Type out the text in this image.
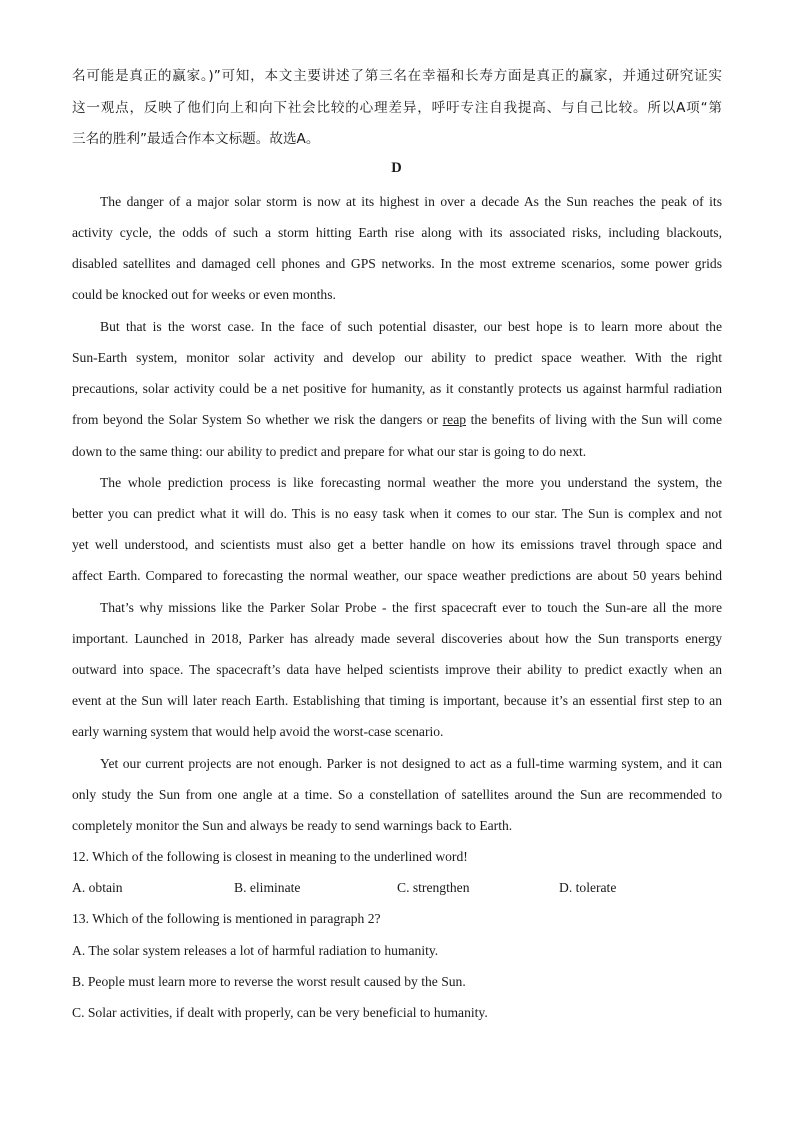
名可能是真正的赢家。)”可知，本文主要讲述了第三名在幸福和长寿方面是真正的赢家，并通过研究证实
这一观点，反映了他们向上和向下社会比较的心理差异，呼吁专注自我提高、与自己比较。所以A项“第
三名的胜利”最适合作本文标题。故选A。
D
The danger of a major solar storm is now at its highest in over a decade As the Sun reaches the peak of its
activity cycle, the odds of such a storm hitting Earth rise along with its associated risks, including blackouts,
disabled satellites and damaged cell phones and GPS networks. In the most extreme scenarios, some power grids
could be knocked out for weeks or even months.
But that is the worst case. In the face of such potential disaster, our best hope is to learn more about the
Sun-Earth system, monitor solar activity and develop our ability to predict space weather. With the right
precautions, solar activity could be a net positive for humanity, as it constantly protects us against harmful radiation
from beyond the Solar System So whether we risk the dangers or reap the benefits of living with the Sun will come
down to the same thing: our ability to predict and prepare for what our star is going to do next.
The whole prediction process is like forecasting normal weather the more you understand the system, the
better you can predict what it will do. This is no easy task when it comes to our star. The Sun is complex and not
yet well understood, and scientists must also get a better handle on how its emissions travel through space and
affect Earth. Compared to forecasting the normal weather, our space weather predictions are about 50 years behind
That’s why missions like the Parker Solar Probe - the first spacecraft ever to touch the Sun-are all the more
important. Launched in 2018, Parker has already made several discoveries about how the Sun transports energy
outward into space. The spacecraft’s data have helped scientists improve their ability to predict exactly when an
event at the Sun will later reach Earth. Establishing that timing is important, because it’s an essential first step to an
early warning system that would help avoid the worst-case scenario.
Yet our current projects are not enough. Parker is not designed to act as a full-time warming system, and it can
only study the Sun from one angle at a time. So a constellation of satellites around the Sun are recommended to
completely monitor the Sun and always be ready to send warnings back to Earth.
12. Which of the following is closest in meaning to the underlined word!
A. obtain	B. eliminate	C. strengthen	D. tolerate
13. Which of the following is mentioned in paragraph 2?
A. The solar system releases a lot of harmful radiation to humanity.
B. People must learn more to reverse the worst result caused by the Sun.
C. Solar activities, if dealt with properly, can be very beneficial to humanity.
